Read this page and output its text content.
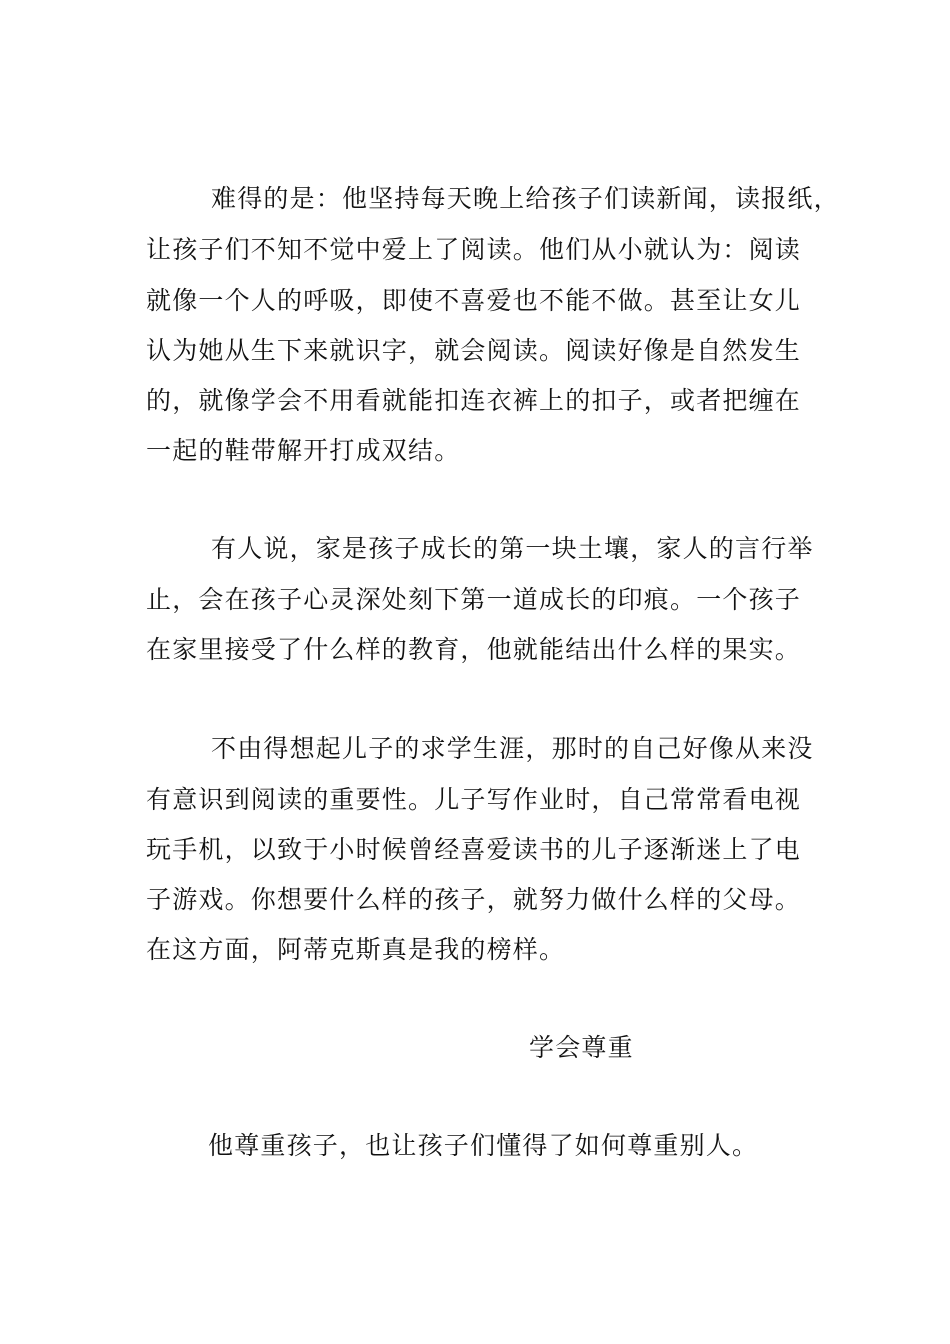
难得的是：他坚持每天晚上给孩子们读新闻，读报纸，
让孩子们不知不觉中爱上了阅读。他们从小就认为：阅读
就像一个人的呼吸，即使不喜爱也不能不做。甚至让女儿
认为她从生下来就识字，就会阅读。阅读好像是自然发生
的，就像学会不用看就能扣连衣裤上的扣子，或者把缠在
一起的鞋带解开打成双结。
有人说，家是孩子成长的第一块土壤，家人的言行举
止，会在孩子心灵深处刻下第一道成长的印痕。一个孩子
在家里接受了什么样的教育，他就能结出什么样的果实。
不由得想起儿子的求学生涯，那时的自己好像从来没
有意识到阅读的重要性。儿子写作业时，自己常常看电视
玩手机，以致于小时候曾经喜爱读书的儿子逐渐迷上了电
子游戏。你想要什么样的孩子，就努力做什么样的父母。
在这方面，阿蒂克斯真是我的榜样。
学会尊重
他尊重孩子，也让孩子们懂得了如何尊重别人。
